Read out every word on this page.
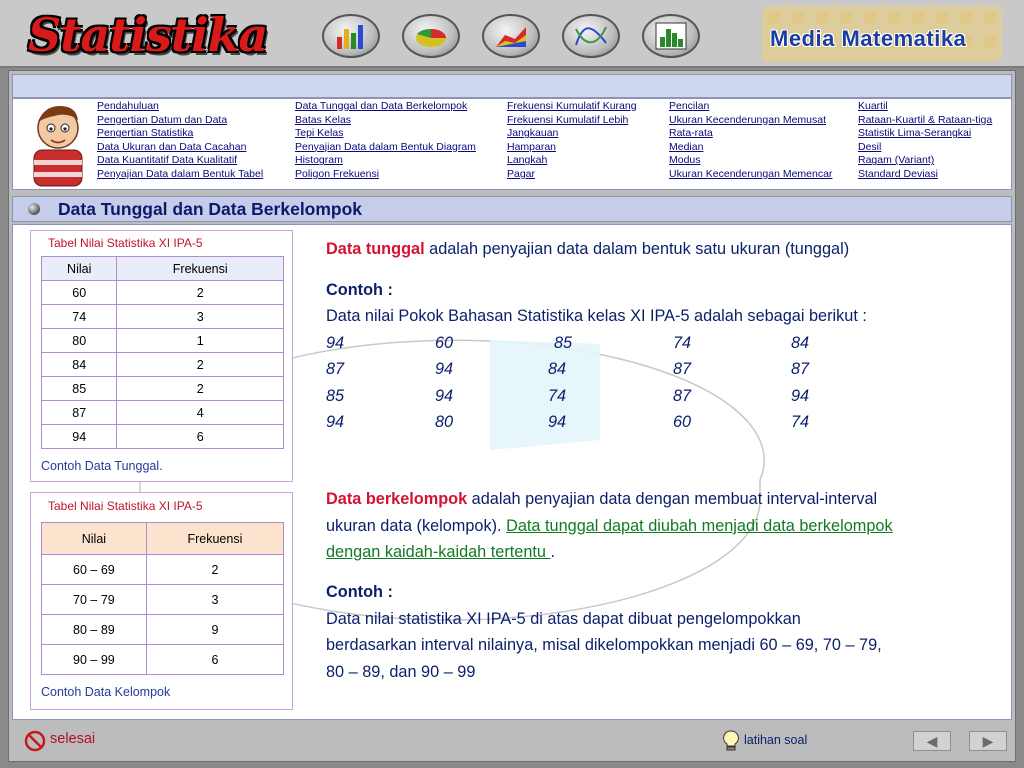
Statistika	Media Matematika
Pendahuluan
Pengertian Datum dan Data
Pengertian Statistika
Data Ukuran dan Data Cacahan
Data Kuantitatif Data Kualitatif
Penyajian Data dalam Bentuk Tabel
Data Tunggal dan Data Berkelompok
Batas Kelas
Tepi Kelas
Penyajian Data dalam Bentuk Diagram
Histogram
Poligon Frekuensi
Frekuensi Kumulatif Kurang
Frekuensi Kumulatif Lebih
Jangkauan
Hamparan
Langkah
Pagar
Pencilan
Ukuran Kecenderungan Memusat
Rata-rata
Median
Modus
Ukuran Kecenderungan Memencar
Kuartil
Rataan-Kuartil & Rataan-tiga
Statistik Lima-Serangkai
Desil
Ragam (Variant)
Standard Deviasi
Data Tunggal dan Data Berkelompok
Tabel Nilai Statistika XI IPA-5
Nilai	Frekuensi
60	2
74	3
80	1
84	2
85	2
87	4
94	6
Contoh Data Tunggal.
Tabel Nilai Statistika XI IPA-5
Nilai	Frekuensi
60 – 69	2
70 – 79	3
80 – 89	9
90 – 99	6
Contoh Data Kelompok
Data tunggal adalah penyajian data dalam bentuk satu ukuran (tunggal)
Contoh :
Data nilai Pokok Bahasan Statistika kelas XI IPA-5 adalah sebagai berikut :
94	60	85	74	84
87	94	84	87	87
85	94	74	87	94
94	80	94	60	74
Data berkelompok adalah penyajian data dengan membuat interval-interval
ukuran data (kelompok). Data tunggal dapat diubah menjadi data berkelompok
dengan kaidah-kaidah tertentu .
Contoh :
Data nilai statistika XI IPA-5 di atas dapat dibuat pengelompokkan
berdasarkan interval nilainya, misal dikelompokkan menjadi 60 – 69, 70 – 79,
80 – 89, dan 90 – 99
selesai	latihan soal	◀	▶
